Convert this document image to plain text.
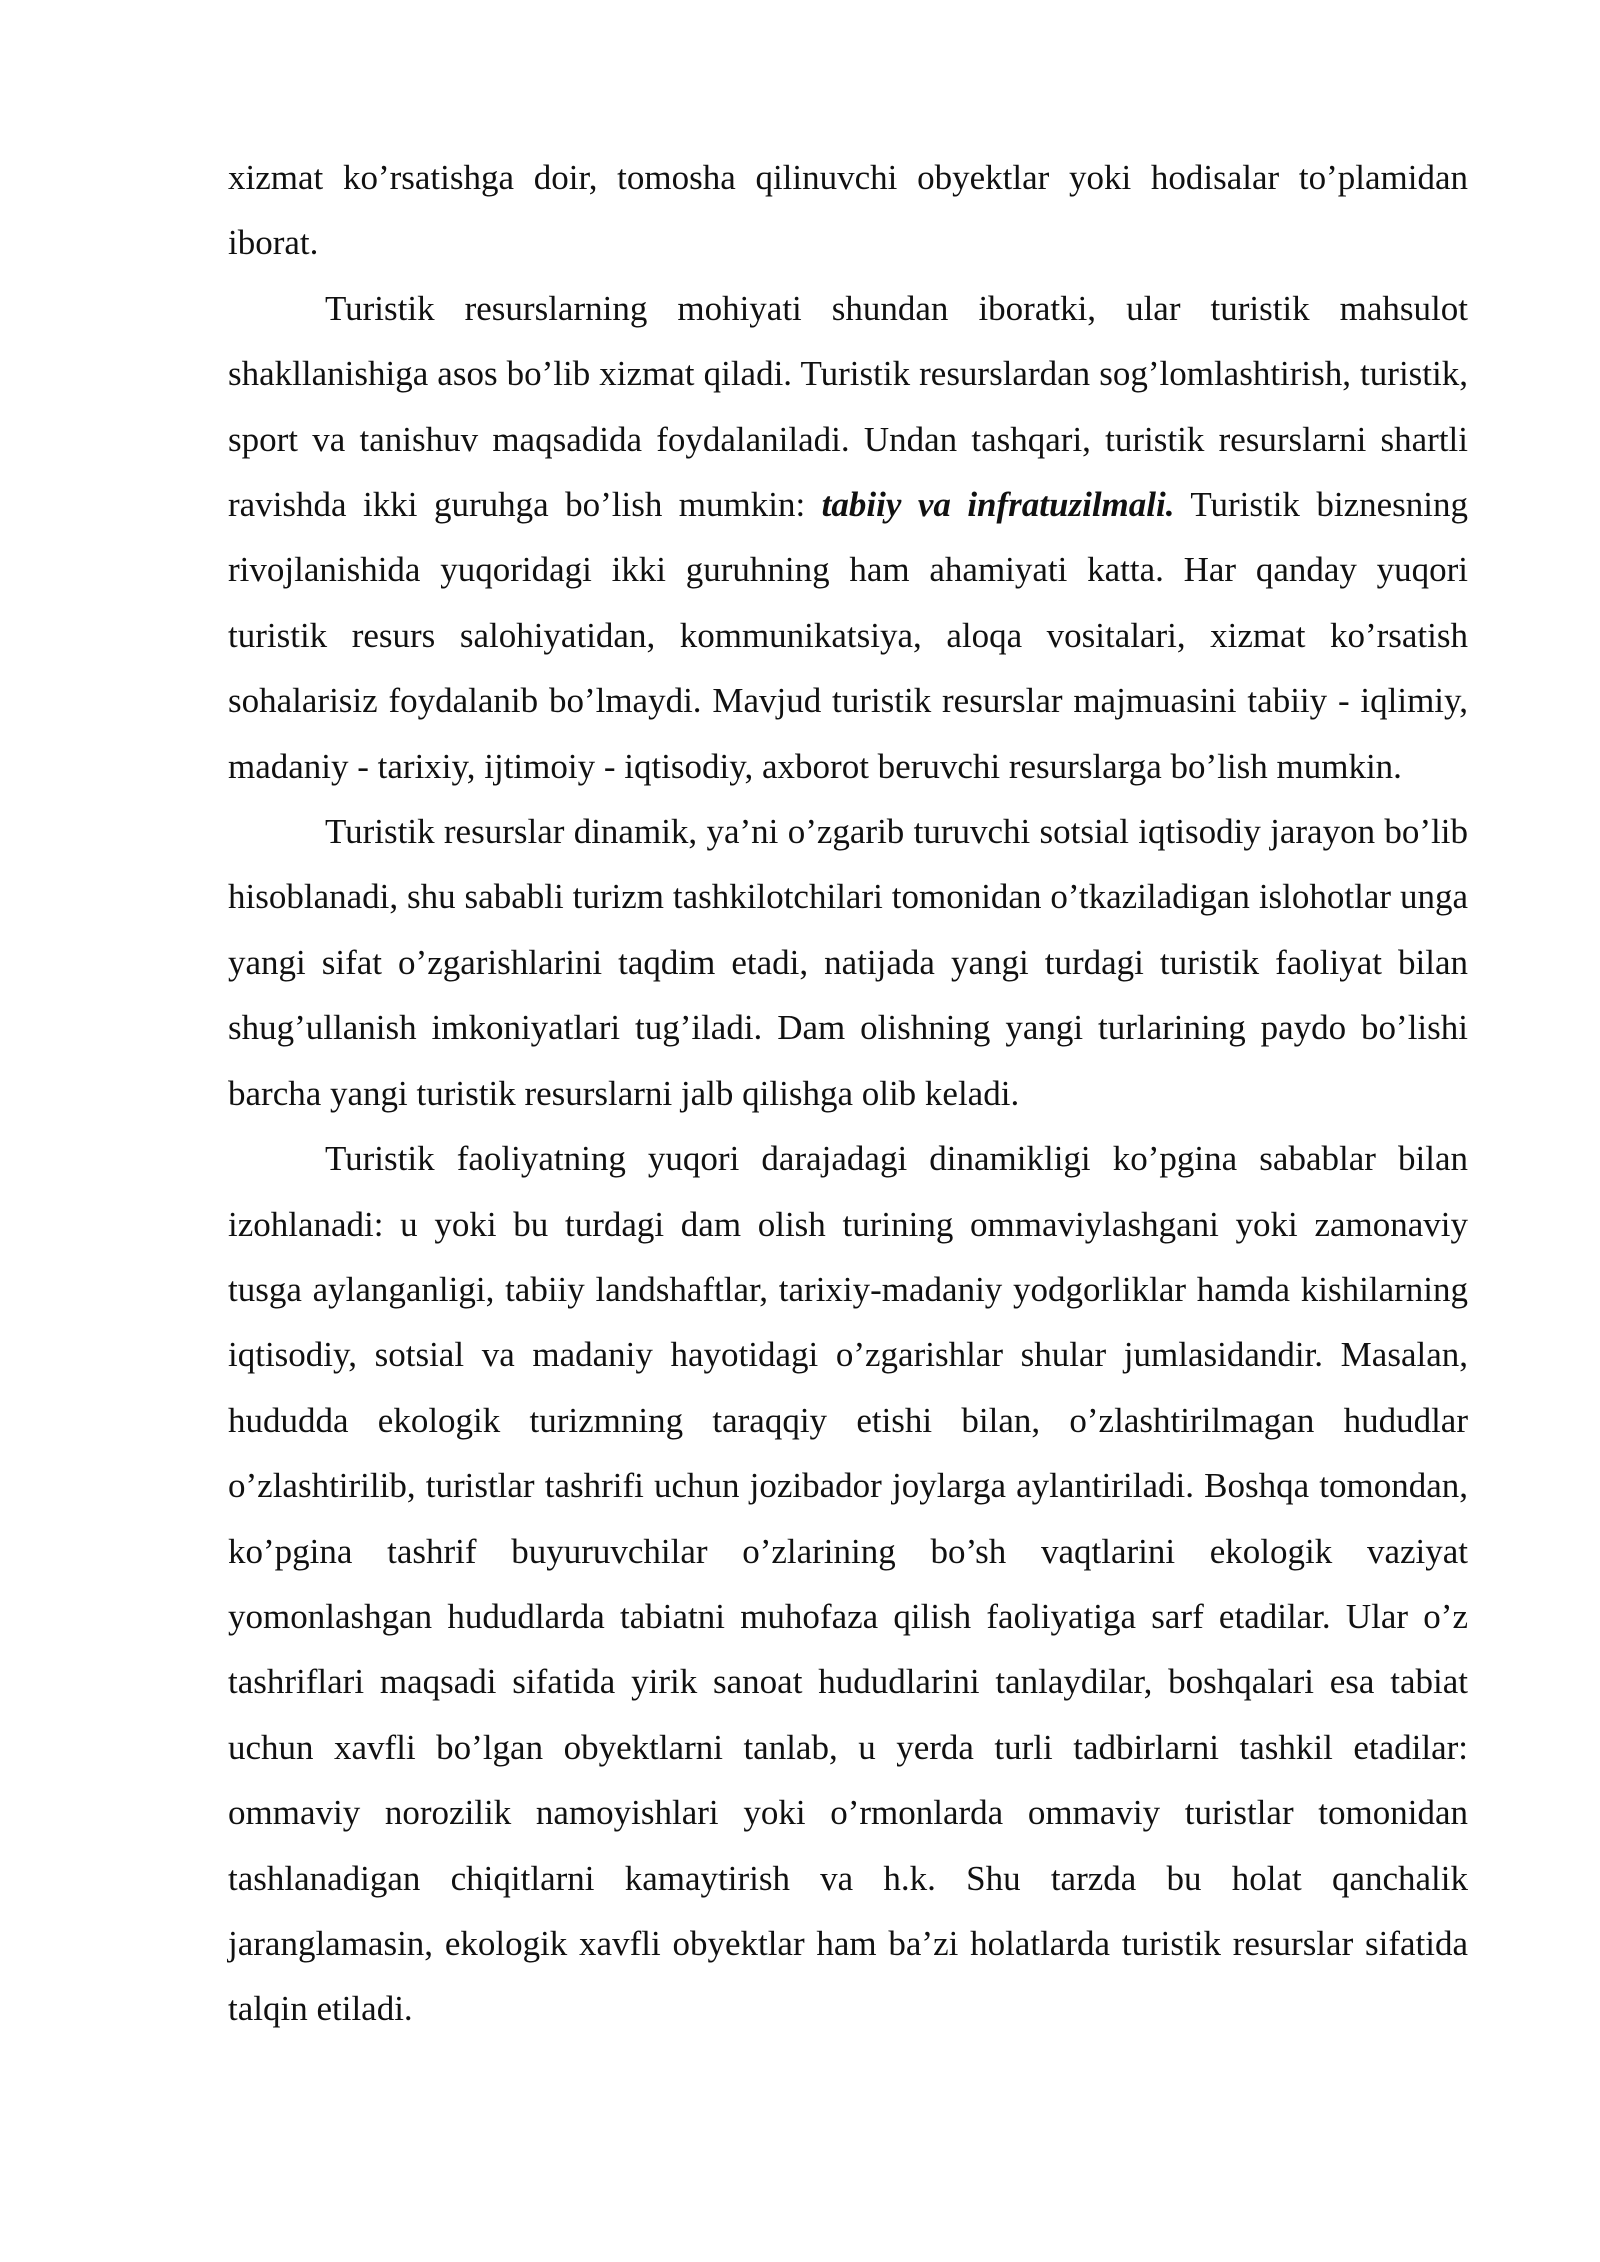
xizmat ko’rsatishga doir, tomosha qilinuvchi obyektlar yoki hodisalar to’plamidan iborat.

Turistik resurslarning mohiyati shundan iboratki, ular turistik mahsulot shakllanishiga asos bo’lib xizmat qiladi. Turistik resurslardan sog’lomlashtirish, turistik, sport va tanishuv maqsadida foydalaniladi. Undan tashqari, turistik resurslarni shartli ravishda ikki guruhga bo’lish mumkin: tabiiy va infratuzilmali. Turistik biznesning rivojlanishida yuqoridagi ikki guruhning ham ahamiyati katta. Har qanday yuqori turistik resurs salohiyatidan, kommunikatsiya, aloqa vositalari, xizmat ko’rsatish sohalarisiz foydalanib bo’lmaydi. Mavjud turistik resurslar majmuasini tabiiy - iqlimiy, madaniy - tarixiy, ijtimoiy - iqtisodiy, axborot beruvchi resurslarga bo’lish mumkin.

Turistik resurslar dinamik, ya’ni o’zgarib turuvchi sotsial iqtisodiy jarayon bo’lib hisoblanadi, shu sababli turizm tashkilotchilari tomonidan o’tkaziladigan islohotlar unga yangi sifat o’zgarishlarini taqdim etadi, natijada yangi turdagi turistik faoliyat bilan shug’ullanish imkoniyatlari tug’iladi. Dam olishning yangi turlarining paydo bo’lishi barcha yangi turistik resurslarni jalb qilishga olib keladi.

Turistik faoliyatning yuqori darajadagi dinamikligi ko’pgina sabablar bilan izohlanadi: u yoki bu turdagi dam olish turining ommaviylashgani yoki zamonaviy tusga aylanganligi, tabiiy landshaftlar, tarixiy-madaniy yodgorliklar hamda kishilarning iqtisodiy, sotsial va madaniy hayotidagi o’zgarishlar shular jumlasidandir. Masalan, hududda ekologik turizmning taraqqiy etishi bilan, o’zlashtirilmagan hududlar o’zlashtirilib, turistlar tashrifi uchun jozibador joylarga aylantiriladi. Boshqa tomondan, ko’pgina tashrif buyuruvchilar o’zlarining bo’sh vaqtlarini ekologik vaziyat yomonlashgan hududlarda tabiatni muhofaza qilish faoliyatiga sarf etadilar. Ular o’z tashriflari maqsadi sifatida yirik sanoat hududlarini tanlaydilar, boshqalari esa tabiat uchun xavfli bo’lgan obyektlarni tanlab, u yerda turli tadbirlarni tashkil etadilar: ommaviy norozilik namoyishlari yoki o’rmonlarda ommaviy turistlar tomonidan tashlanadigan chiqitlarni kamaytirish va h.k. Shu tarzda bu holat qanchalik jaranglamasin, ekologik xavfli obyektlar ham ba’zi holatlarda turistik resurslar sifatida talqin etiladi.
